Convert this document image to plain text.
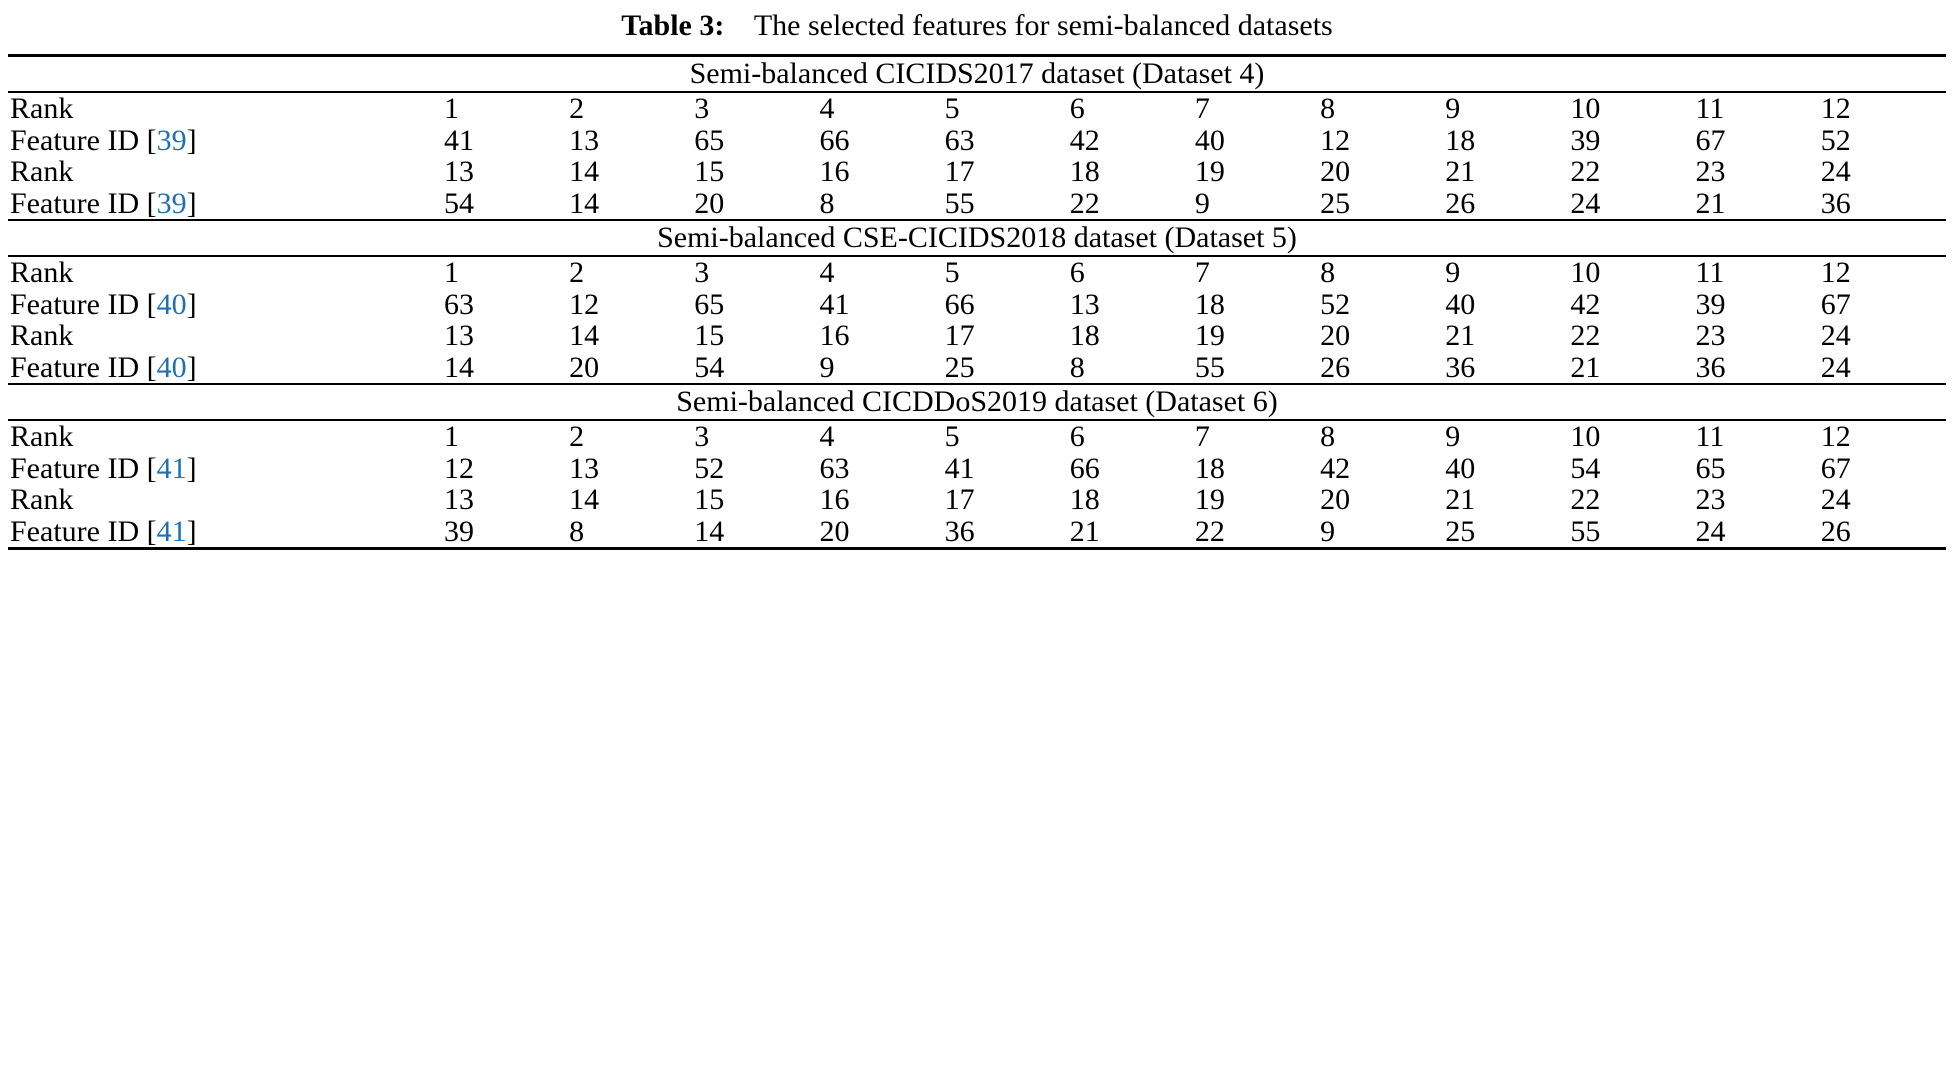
Table 3: The selected features for semi-balanced datasets

Semi-balanced CICIDS2017 dataset (Dataset 4)												

Rank	1	2	3	4	5	6	7	8	9	10	11	12
Feature ID [39]	41	13	65	66	63	42	40	12	18	39	67	52
Rank	13	14	15	16	17	18	19	20	21	22	23	24
Feature ID [39]	54	14	20	8	55	22	9	25	26	24	21	36

Semi-balanced CSE-CICIDS2018 dataset (Dataset 5)												

Rank	1	2	3	4	5	6	7	8	9	10	11	12
Feature ID [40]	63	12	65	41	66	13	18	52	40	42	39	67
Rank	13	14	15	16	17	18	19	20	21	22	23	24
Feature ID [40]	14	20	54	9	25	8	55	26	36	21	36	24

Semi-balanced CICDDoS2019 dataset (Dataset 6)												

Rank	1	2	3	4	5	6	7	8	9	10	11	12
Feature ID [41]	12	13	52	63	41	66	18	42	40	54	65	67
Rank	13	14	15	16	17	18	19	20	21	22	23	24
Feature ID [41]	39	8	14	20	36	21	22	9	25	55	24	26
